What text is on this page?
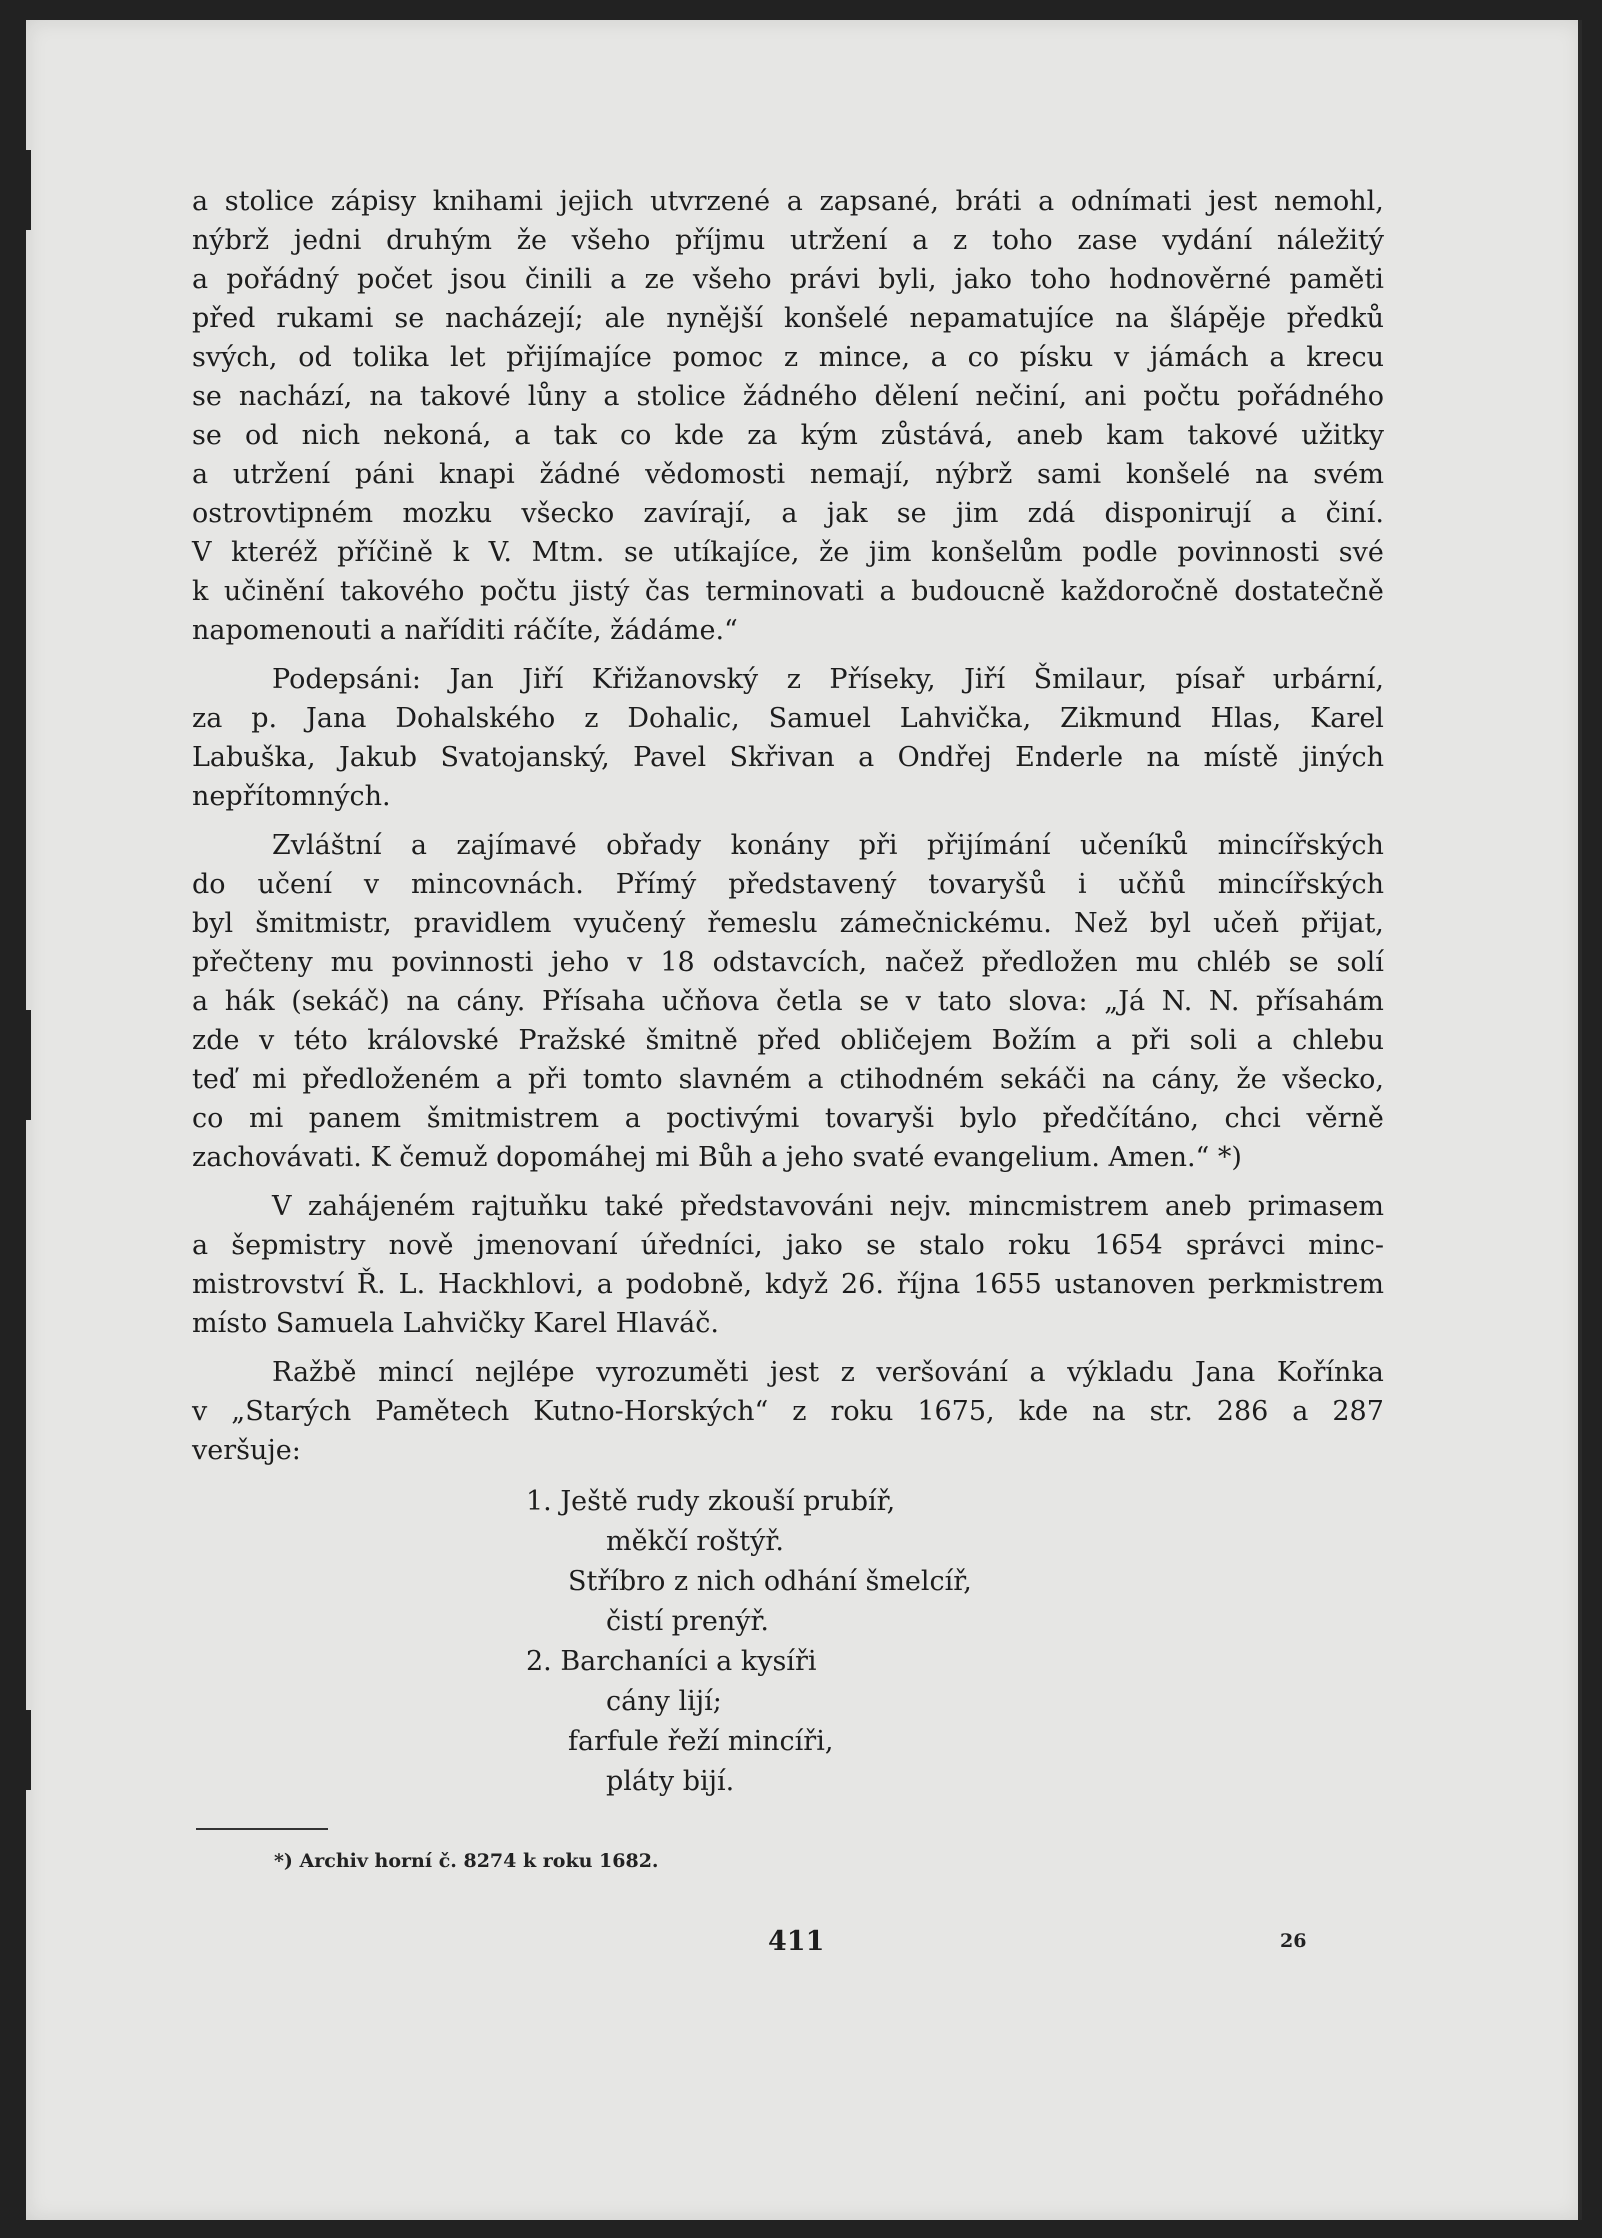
a stolice zápisy knihami jejich utvrzené a zapsané, bráti a odnímati jest nemohl,
nýbrž jedni druhým že všeho příjmu utržení a z toho zase vydání náležitý
a pořádný počet jsou činili a ze všeho právi byli, jako toho hodnověrné paměti
před rukami se nacházejí; ale nynější konšelé nepamatujíce na šlápěje předků
svých, od tolika let přijímajíce pomoc z mince, a co písku v jámách a krecu
se nachází, na takové lůny a stolice žádného dělení nečiní, ani počtu pořádného
se od nich nekoná, a tak co kde za kým zůstává, aneb kam takové užitky
a utržení páni knapi žádné vědomosti nemají, nýbrž sami konšelé na svém
ostrovtipném mozku všecko zavírají, a jak se jim zdá disponirují a činí.
V kteréž příčině k V. Mtm. se utíkajíce, že jim konšelům podle povinnosti své
k učinění takového počtu jistý čas terminovati a budoucně každoročně dostatečně
napomenouti a naříditi ráčíte, žádáme.“
Podepsáni: Jan Jiří Křižanovský z Příseky, Jiří Šmilaur, písař urbární,
za p. Jana Dohalského z Dohalic, Samuel Lahvička, Zikmund Hlas, Karel
Labuška, Jakub Svatojanský, Pavel Skřivan a Ondřej Enderle na místě jiných
nepřítomných.
Zvláštní a zajímavé obřady konány při přijímání učeníků mincířských
do učení v mincovnách. Přímý představený tovaryšů i učňů mincířských
byl šmitmistr, pravidlem vyučený řemeslu zámečnickému. Než byl učeň přijat,
přečteny mu povinnosti jeho v 18 odstavcích, načež předložen mu chléb se solí
a hák (sekáč) na cány. Přísaha učňova četla se v tato slova: „Já N. N. přísahám
zde v této královské Pražské šmitně před obličejem Božím a při soli a chlebu
teď mi předloženém a při tomto slavném a ctihodném sekáči na cány, že všecko,
co mi panem šmitmistrem a poctivými tovaryši bylo předčítáno, chci věrně
zachovávati. K čemuž dopomáhej mi Bůh a jeho svaté evangelium. Amen.“ *)
V zahájeném rajtuňku také představováni nejv. mincmistrem aneb primasem
a šepmistry nově jmenovaní úředníci, jako se stalo roku 1654 správci minc-
mistrovství Ř. L. Hackhlovi, a podobně, když 26. října 1655 ustanoven perkmistrem
místo Samuela Lahvičky Karel Hlaváč.
Ražbě mincí nejlépe vyrozuměti jest z veršování a výkladu Jana Kořínka
v „Starých Pamětech Kutno-Horských“ z roku 1675, kde na str. 286 a 287
veršuje:
1. Ještě rudy zkouší prubíř,
měkčí roštýř.
Stříbro z nich odhání šmelcíř,
čistí prenýř.
2. Barchaníci a kysíři
cány lijí;
farfule řeží mincíři,
pláty bijí.
*) Archiv horní č. 8274 k roku 1682.
411	26
